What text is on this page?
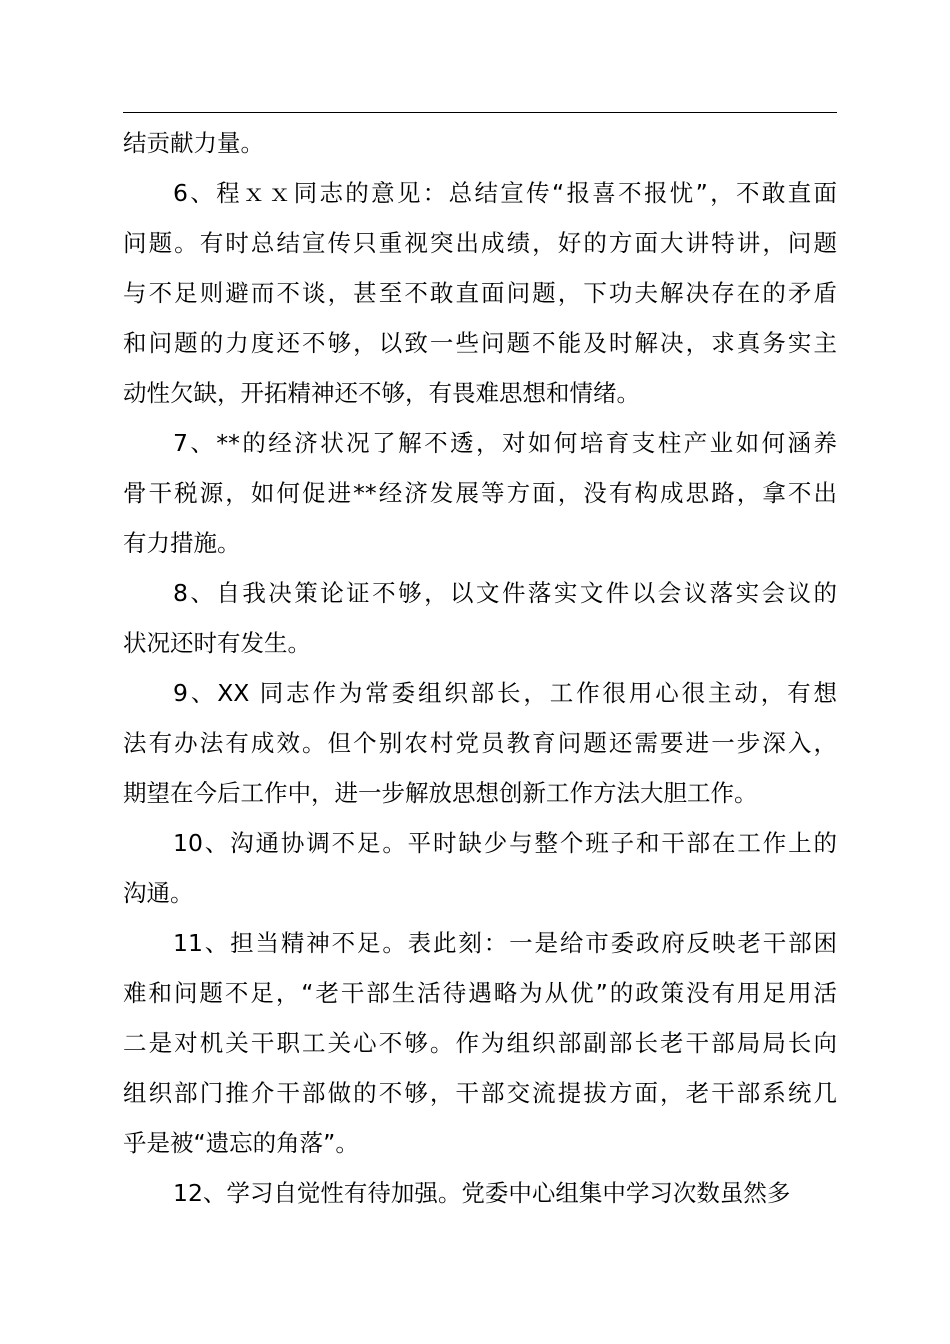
结贡献力量。
6、程ｘｘ同志的意见：总结宣传“报喜不报忧”，不敢直面
问题。有时总结宣传只重视突出成绩，好的方面大讲特讲，问题
与不足则避而不谈，甚至不敢直面问题，下功夫解决存在的矛盾
和问题的力度还不够，以致一些问题不能及时解决，求真务实主
动性欠缺，开拓精神还不够，有畏难思想和情绪。
7、**的经济状况了解不透，对如何培育支柱产业如何涵养
骨干税源，如何促进**经济发展等方面，没有构成思路，拿不出
有力措施。
8、自我决策论证不够，以文件落实文件以会议落实会议的
状况还时有发生。
9、XX 同志作为常委组织部长，工作很用心很主动，有想
法有办法有成效。但个别农村党员教育问题还需要进一步深入，
期望在今后工作中，进一步解放思想创新工作方法大胆工作。
10、沟通协调不足。平时缺少与整个班子和干部在工作上的
沟通。
11、担当精神不足。表此刻：一是给市委政府反映老干部困
难和问题不足，“老干部生活待遇略为从优”的政策没有用足用活
二是对机关干职工关心不够。作为组织部副部长老干部局局长向
组织部门推介干部做的不够，干部交流提拔方面，老干部系统几
乎是被“遗忘的角落”。
12、学习自觉性有待加强。党委中心组集中学习次数虽然多
